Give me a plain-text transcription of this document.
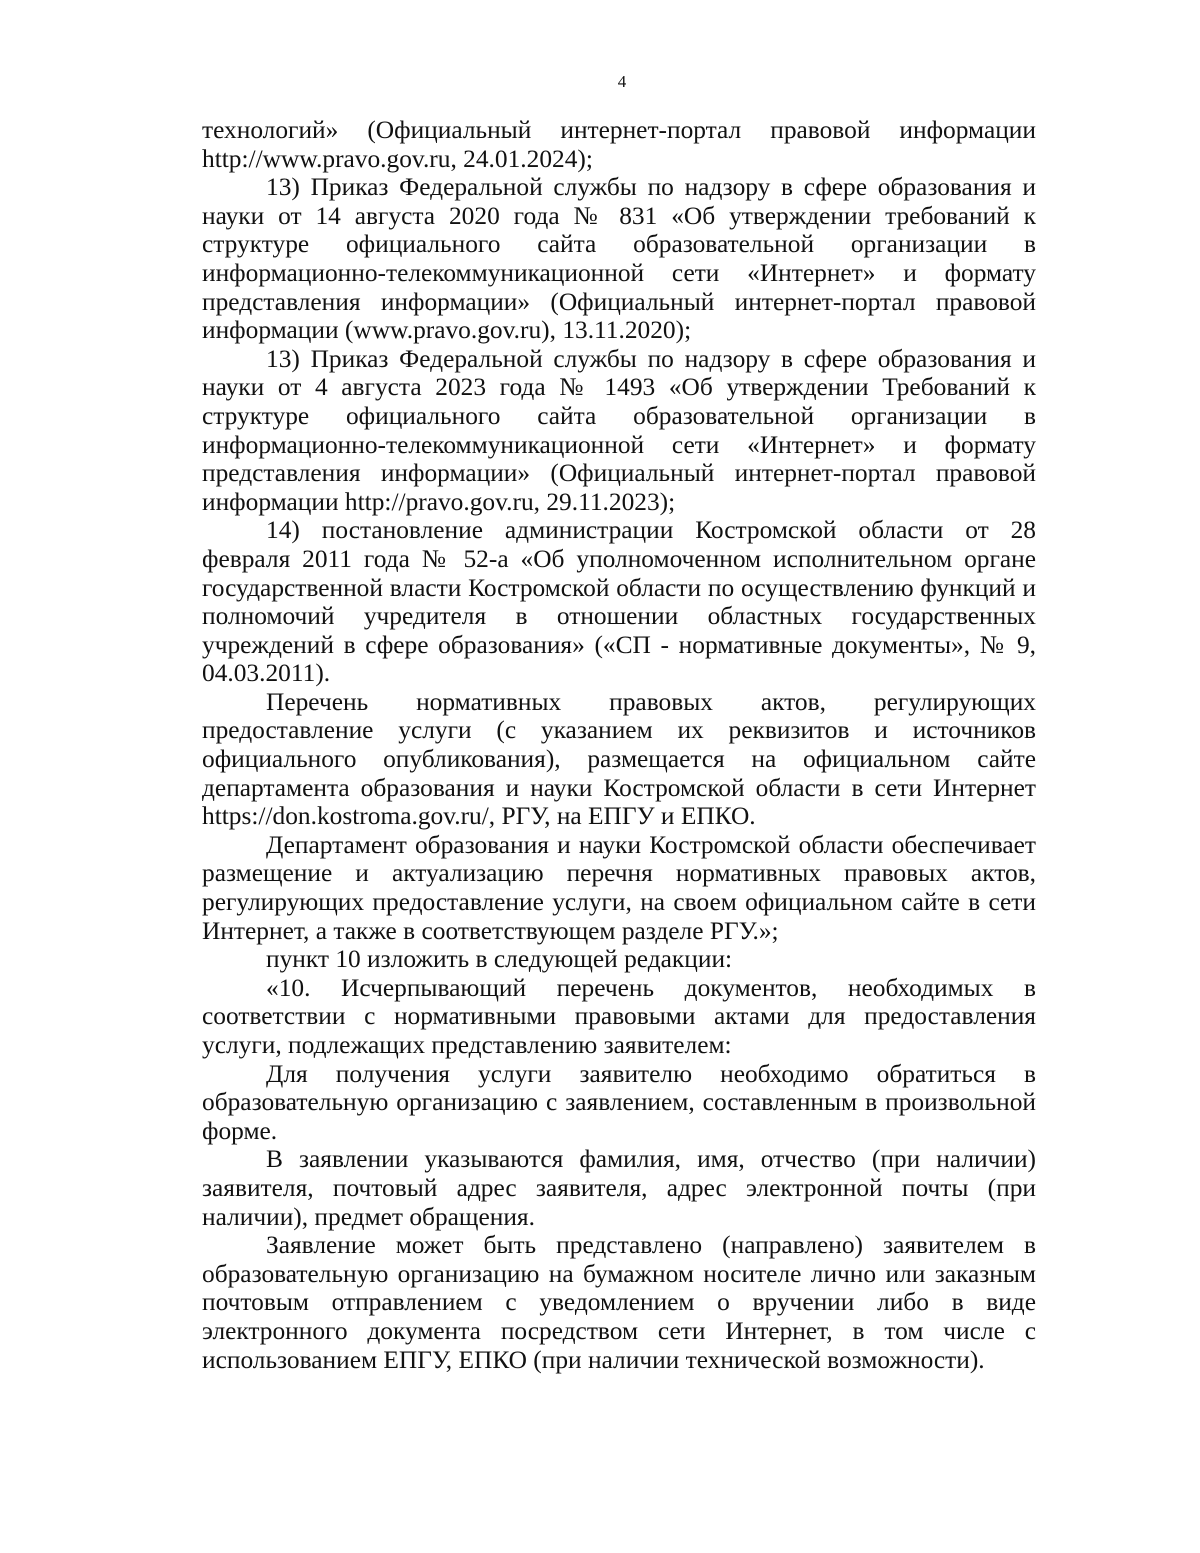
4

технологий» (Официальный интернет-портал правовой информации http://www.pravo.gov.ru, 24.01.2024);

13) Приказ Федеральной службы по надзору в сфере образования и науки от 14 августа 2020 года № 831 «Об утверждении требований к структуре официального сайта образовательной организации в информационно-телекоммуникационной сети «Интернет» и формату представления информации» (Официальный интернет-портал правовой информации (www.pravo.gov.ru), 13.11.2020);

13) Приказ Федеральной службы по надзору в сфере образования и науки от 4 августа 2023 года № 1493 «Об утверждении Требований к структуре официального сайта образовательной организации в информационно-телекоммуникационной сети «Интернет» и формату представления информации» (Официальный интернет-портал правовой информации http://pravo.gov.ru, 29.11.2023);

14) постановление администрации Костромской области от 28 февраля 2011 года № 52-а «Об уполномоченном исполнительном органе государственной власти Костромской области по осуществлению функций и полномочий учредителя в отношении областных государственных учреждений в сфере образования» («СП - нормативные документы», № 9, 04.03.2011).

Перечень нормативных правовых актов, регулирующих предоставление услуги (с указанием их реквизитов и источников официального опубликования), размещается на официальном сайте департамента образования и науки Костромской области в сети Интернет https://don.kostroma.gov.ru/, РГУ, на ЕПГУ и ЕПКО.

Департамент образования и науки Костромской области обеспечивает размещение и актуализацию перечня нормативных правовых актов, регулирующих предоставление услуги, на своем официальном сайте в сети Интернет, а также в соответствующем разделе РГУ.»;

пункт 10 изложить в следующей редакции:

«10. Исчерпывающий перечень документов, необходимых в соответствии с нормативными правовыми актами для предоставления услуги, подлежащих представлению заявителем:

Для получения услуги заявителю необходимо обратиться в образовательную организацию с заявлением, составленным в произвольной форме.

В заявлении указываются фамилия, имя, отчество (при наличии) заявителя, почтовый адрес заявителя, адрес электронной почты (при наличии), предмет обращения.

Заявление может быть представлено (направлено) заявителем в образовательную организацию на бумажном носителе лично или заказным почтовым отправлением с уведомлением о вручении либо в виде электронного документа посредством сети Интернет, в том числе с использованием ЕПГУ, ЕПКО (при наличии технической возможности).
